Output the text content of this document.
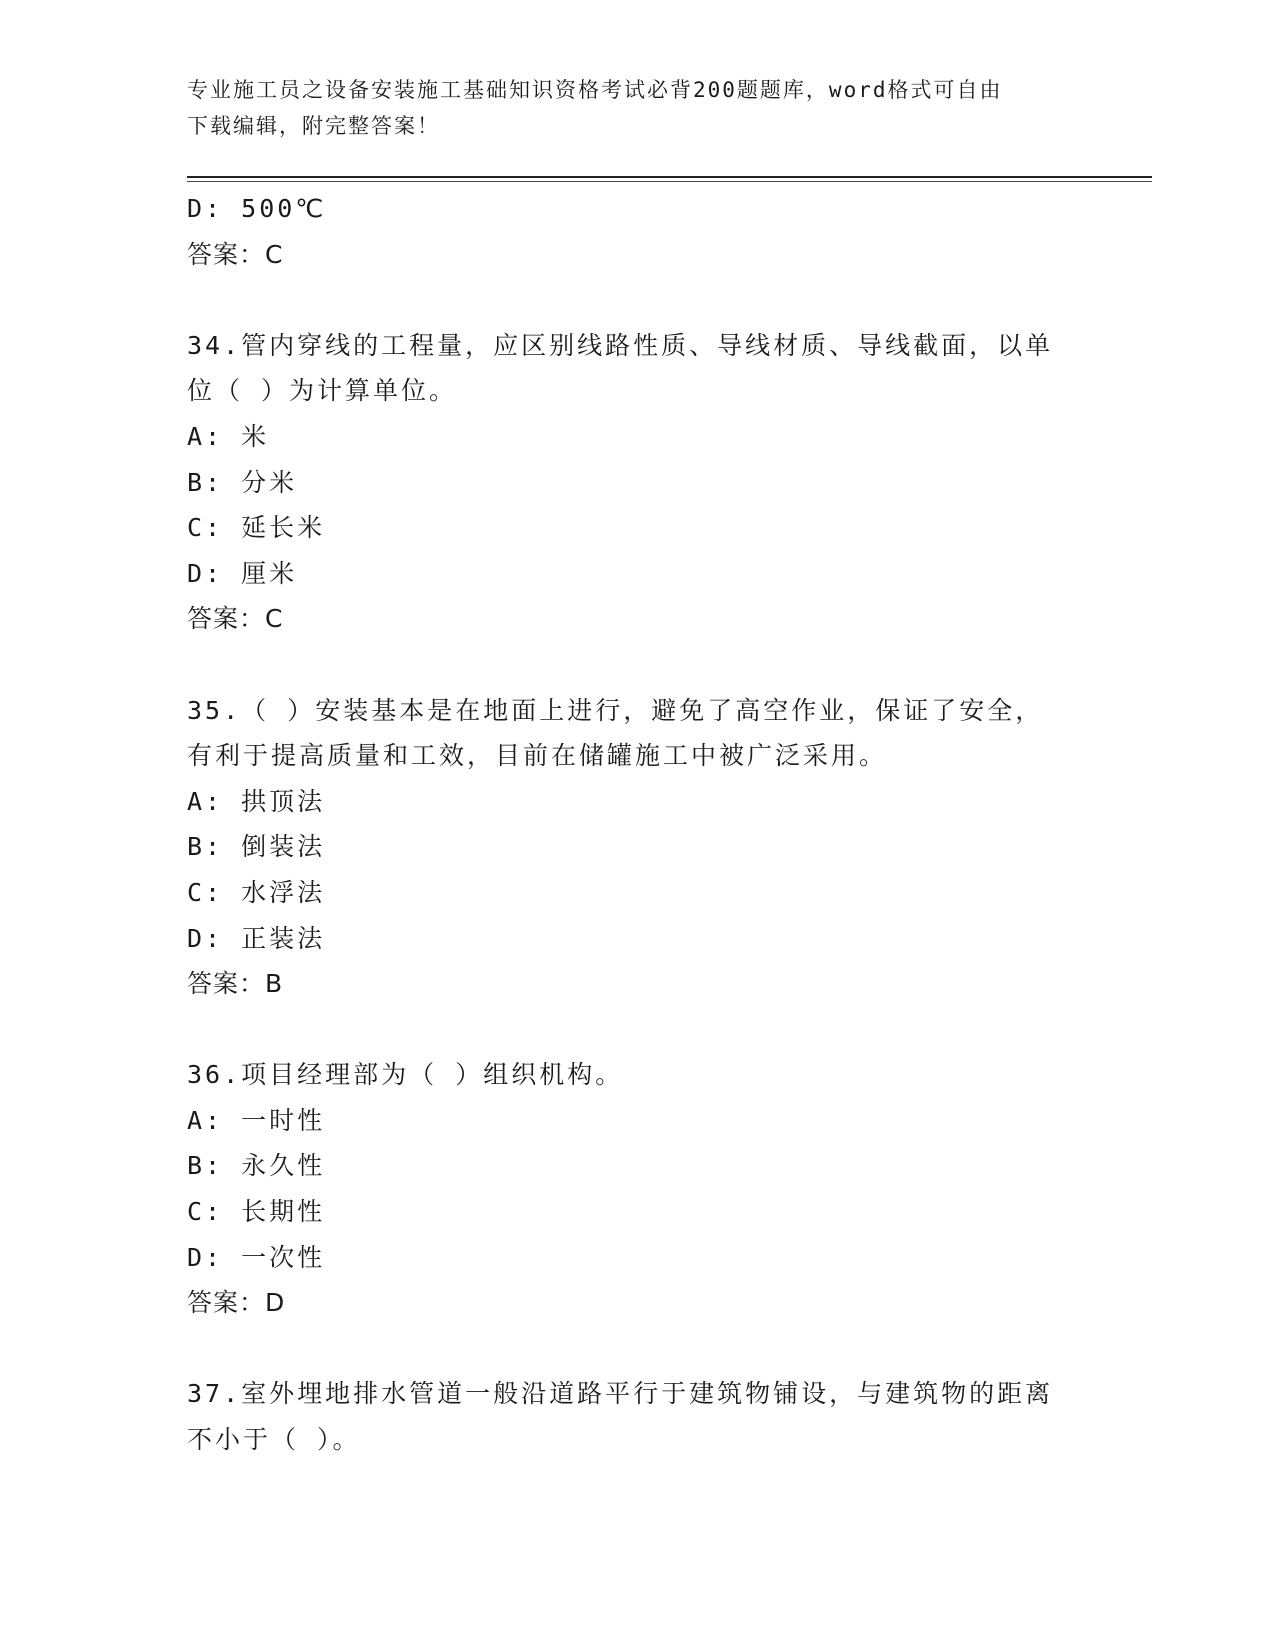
专业施工员之设备安装施工基础知识资格考试必背200题题库，word格式可自由
下载编辑，附完整答案！
D: 500℃
答案：C
34.管内穿线的工程量，应区别线路性质、导线材质、导线截面，以单
位（ ）为计算单位。
A: 米
B: 分米
C: 延长米
D: 厘米
答案：C
35.（ ）安装基本是在地面上进行，避免了高空作业，保证了安全，
有利于提高质量和工效，目前在储罐施工中被广泛采用。
A: 拱顶法
B: 倒装法
C: 水浮法
D: 正装法
答案：B
36.项目经理部为（ ）组织机构。
A: 一时性
B: 永久性
C: 长期性
D: 一次性
答案：D
37.室外埋地排水管道一般沿道路平行于建筑物铺设，与建筑物的距离
不小于（ ）。
